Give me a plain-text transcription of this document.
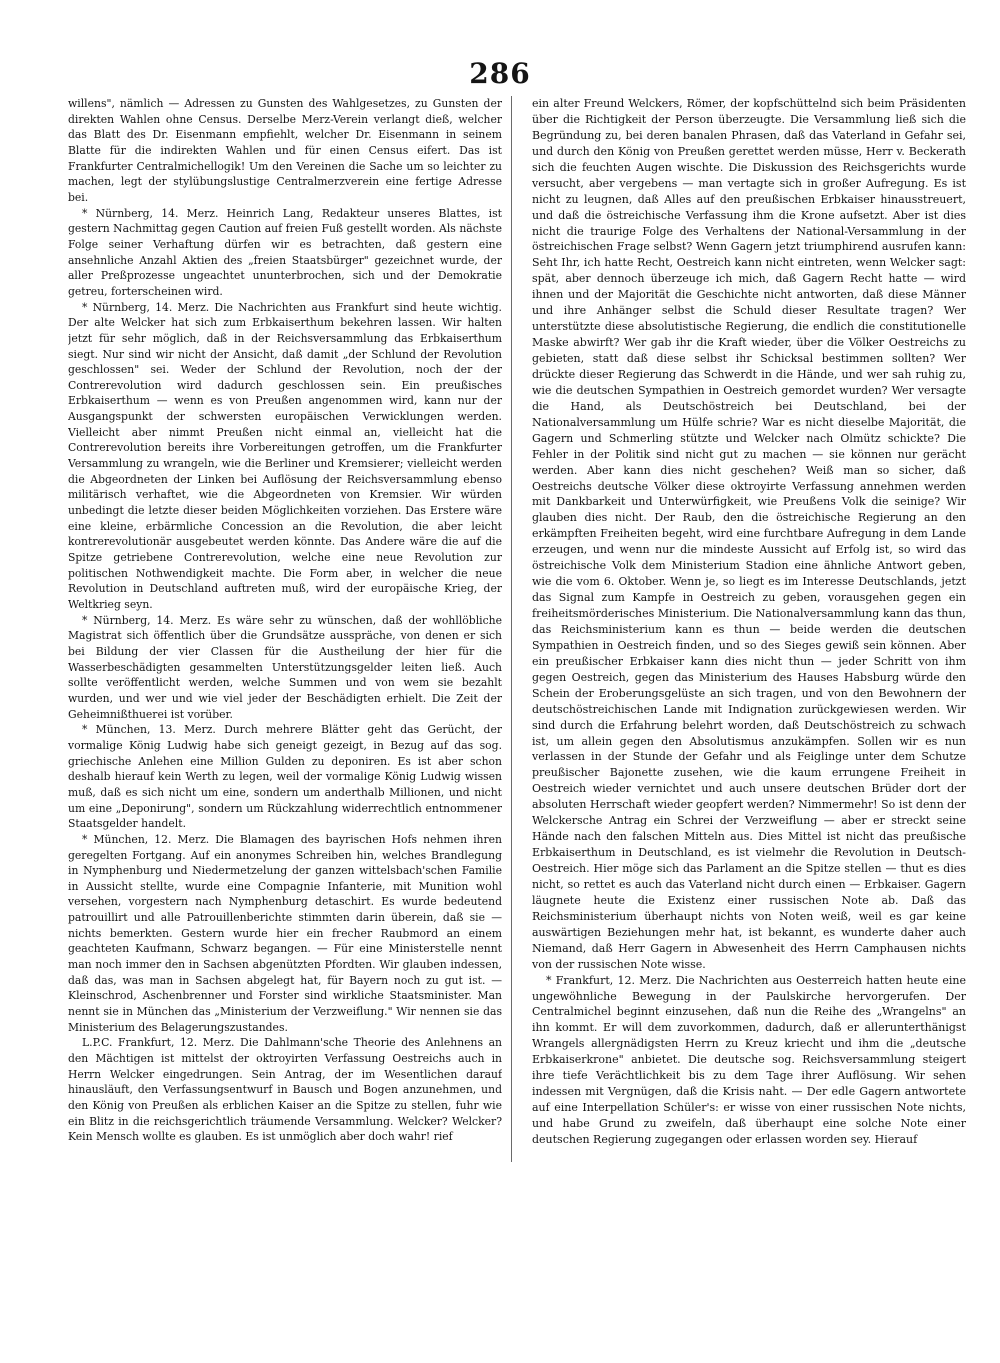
286

willens", nämlich — Adressen zu Gunsten des Wahlgesetzes, zu Gunsten der direkten Wahlen ohne Census. Derselbe Merz-Verein verlangt dieß, welcher das Blatt des Dr. Eisenmann empfiehlt, welcher Dr. Eisenmann in seinem Blatte für die indirekten Wahlen und für einen Census eifert. Das ist Frankfurter Centralmichellogik! Um den Vereinen die Sache um so leichter zu machen, legt der stylübungslustige Centralmerzverein eine fertige Adresse bei.

* Nürnberg, 14. Merz. Heinrich Lang, Redakteur unseres Blattes, ist gestern Nachmittag gegen Caution auf freien Fuß gestellt worden. Als nächste Folge seiner Verhaftung dürfen wir es betrachten, daß gestern eine ansehnliche Anzahl Aktien des „freien Staatsbürger" gezeichnet wurde, der aller Preßprozesse ungeachtet ununterbrochen, sich und der Demokratie getreu, forterscheinen wird.

* Nürnberg, 14. Merz. Die Nachrichten aus Frankfurt sind heute wichtig. Der alte Welcker hat sich zum Erbkaiserthum bekehren lassen. Wir halten jetzt für sehr möglich, daß in der Reichsversammlung das Erbkaiserthum siegt. Nur sind wir nicht der Ansicht, daß damit „der Schlund der Revolution geschlossen" sei. Weder der Schlund der Revolution, noch der der Contrerevolution wird dadurch geschlossen sein. Ein preußisches Erbkaiserthum — wenn es von Preußen angenommen wird, kann nur der Ausgangspunkt der schwersten europäischen Verwicklungen werden. Vielleicht aber nimmt Preußen nicht einmal an, vielleicht hat die Contrerevolution bereits ihre Vorbereitungen getroffen, um die Frankfurter Versammlung zu wrangeln, wie die Berliner und Kremsierer; vielleicht werden die Abgeordneten der Linken bei Auflösung der Reichsversammlung ebenso militärisch verhaftet, wie die Abgeordneten von Kremsier. Wir würden unbedingt die letzte dieser beiden Möglichkeiten vorziehen. Das Erstere wäre eine kleine, erbärmliche Concession an die Revolution, die aber leicht kontrerevolutionär ausgebeutet werden könnte. Das Andere wäre die auf die Spitze getriebene Contrerevolution, welche eine neue Revolution zur politischen Nothwendigkeit machte. Die Form aber, in welcher die neue Revolution in Deutschland auftreten muß, wird der europäische Krieg, der Weltkrieg seyn.

* Nürnberg, 14. Merz. Es wäre sehr zu wünschen, daß der wohllöbliche Magistrat sich öffentlich über die Grundsätze ausspräche, von denen er sich bei Bildung der vier Classen für die Austheilung der hier für die Wasserbeschädigten gesammelten Unterstützungsgelder leiten ließ. Auch sollte veröffentlicht werden, welche Summen und von wem sie bezahlt wurden, und wer und wie viel jeder der Beschädigten erhielt. Die Zeit der Geheimnißthuerei ist vorüber.

* München, 13. Merz. Durch mehrere Blätter geht das Gerücht, der vormalige König Ludwig habe sich geneigt gezeigt, in Bezug auf das sog. griechische Anlehen eine Million Gulden zu deponiren. Es ist aber schon deshalb hierauf kein Werth zu legen, weil der vormalige König Ludwig wissen muß, daß es sich nicht um eine, sondern um anderthalb Millionen, und nicht um eine „Deponirung", sondern um Rückzahlung widerrechtlich entnommener Staatsgelder handelt.

* München, 12. Merz. Die Blamagen des bayrischen Hofs nehmen ihren geregelten Fortgang. Auf ein anonymes Schreiben hin, welches Brandlegung in Nymphenburg und Niedermetzelung der ganzen wittelsbach'schen Familie in Aussicht stellte, wurde eine Compagnie Infanterie, mit Munition wohl versehen, vorgestern nach Nymphenburg detaschirt. Es wurde bedeutend patrouillirt und alle Patrouillenberichte stimmten darin überein, daß sie — nichts bemerkten. Gestern wurde hier ein frecher Raubmord an einem geachteten Kaufmann, Schwarz begangen. — Für eine Ministerstelle nennt man noch immer den in Sachsen abgenützten Pfordten. Wir glauben indessen, daß das, was man in Sachsen abgelegt hat, für Bayern noch zu gut ist. — Kleinschrod, Aschenbrenner und Forster sind wirkliche Staatsminister. Man nennt sie in München das „Ministerium der Verzweiflung." Wir nennen sie das Ministerium des Belagerungszustandes.

L.P.C. Frankfurt, 12. Merz. Die Dahlmann'sche Theorie des Anlehnens an den Mächtigen ist mittelst der oktroyirten Verfassung Oestreichs auch in Herrn Welcker eingedrungen. Sein Antrag, der im Wesentlichen darauf hinausläuft, den Verfassungsentwurf in Bausch und Bogen anzunehmen, und den König von Preußen als erblichen Kaiser an die Spitze zu stellen, fuhr wie ein Blitz in die reichsgerichtlich träumende Versammlung. Welcker? Welcker? Kein Mensch wollte es glauben. Es ist unmöglich aber doch wahr! rief

ein alter Freund Welckers, Römer, der kopfschüttelnd sich beim Präsidenten über die Richtigkeit der Person überzeugte. Die Versammlung ließ sich die Begründung zu, bei deren banalen Phrasen, daß das Vaterland in Gefahr sei, und durch den König von Preußen gerettet werden müsse, Herr v. Beckerath sich die feuchten Augen wischte. Die Diskussion des Reichsgerichts wurde versucht, aber vergebens — man vertagte sich in großer Aufregung. Es ist nicht zu leugnen, daß Alles auf den preußischen Erbkaiser hinausstreuert, und daß die östreichische Verfassung ihm die Krone aufsetzt. Aber ist dies nicht die traurige Folge des Verhaltens der National-Versammlung in der östreichischen Frage selbst? Wenn Gagern jetzt triumphirend ausrufen kann: Seht Ihr, ich hatte Recht, Oestreich kann nicht eintreten, wenn Welcker sagt: spät, aber dennoch überzeuge ich mich, daß Gagern Recht hatte — wird ihnen und der Majorität die Geschichte nicht antworten, daß diese Männer und ihre Anhänger selbst die Schuld dieser Resultate tragen? Wer unterstützte diese absolutistische Regierung, die endlich die constitutionelle Maske abwirft? Wer gab ihr die Kraft wieder, über die Völker Oestreichs zu gebieten, statt daß diese selbst ihr Schicksal bestimmen sollten? Wer drückte dieser Regierung das Schwerdt in die Hände, und wer sah ruhig zu, wie die deutschen Sympathien in Oestreich gemordet wurden? Wer versagte die Hand, als Deutschöstreich bei Deutschland, bei der Nationalversammlung um Hülfe schrie? War es nicht dieselbe Majorität, die Gagern und Schmerling stützte und Welcker nach Olmütz schickte? Die Fehler in der Politik sind nicht gut zu machen — sie können nur gerächt werden. Aber kann dies nicht geschehen? Weiß man so sicher, daß Oestreichs deutsche Völker diese oktroyirte Verfassung annehmen werden mit Dankbarkeit und Unterwürfigkeit, wie Preußens Volk die seinige? Wir glauben dies nicht. Der Raub, den die östreichische Regierung an den erkämpften Freiheiten begeht, wird eine furchtbare Aufregung in dem Lande erzeugen, und wenn nur die mindeste Aussicht auf Erfolg ist, so wird das östreichische Volk dem Ministerium Stadion eine ähnliche Antwort geben, wie die vom 6. Oktober. Wenn je, so liegt es im Interesse Deutschlands, jetzt das Signal zum Kampfe in Oestreich zu geben, vorausgehen gegen ein freiheitsmörderisches Ministerium. Die Nationalversammlung kann das thun, das Reichsministerium kann es thun — beide werden die deutschen Sympathien in Oestreich finden, und so des Sieges gewiß sein können. Aber ein preußischer Erbkaiser kann dies nicht thun — jeder Schritt von ihm gegen Oestreich, gegen das Ministerium des Hauses Habsburg würde den Schein der Eroberungsgelüste an sich tragen, und von den Bewohnern der deutschöstreichischen Lande mit Indignation zurückgewiesen werden. Wir sind durch die Erfahrung belehrt worden, daß Deutschöstreich zu schwach ist, um allein gegen den Absolutismus anzukämpfen. Sollen wir es nun verlassen in der Stunde der Gefahr und als Feiglinge unter dem Schutze preußischer Bajonette zusehen, wie die kaum errungene Freiheit in Oestreich wieder vernichtet und auch unsere deutschen Brüder dort der absoluten Herrschaft wieder geopfert werden? Nimmermehr! So ist denn der Welckersche Antrag ein Schrei der Verzweiflung — aber er streckt seine Hände nach den falschen Mitteln aus. Dies Mittel ist nicht das preußische Erbkaiserthum in Deutschland, es ist vielmehr die Revolution in Deutsch-Oestreich. Hier möge sich das Parlament an die Spitze stellen — thut es dies nicht, so rettet es auch das Vaterland nicht durch einen — Erbkaiser. Gagern läugnete heute die Existenz einer russischen Note ab. Daß das Reichsministerium überhaupt nichts von Noten weiß, weil es gar keine auswärtigen Beziehungen mehr hat, ist bekannt, es wunderte daher auch Niemand, daß Herr Gagern in Abwesenheit des Herrn Camphausen nichts von der russischen Note wisse.

* Frankfurt, 12. Merz. Die Nachrichten aus Oesterreich hatten heute eine ungewöhnliche Bewegung in der Paulskirche hervorgerufen. Der Centralmichel beginnt einzusehen, daß nun die Reihe des „Wrangelns" an ihn kommt. Er will dem zuvorkommen, dadurch, daß er allerunterthänigst Wrangels allergnädigsten Herrn zu Kreuz kriecht und ihm die „deutsche Erbkaiserkrone" anbietet. Die deutsche sog. Reichsversammlung steigert ihre tiefe Verächtlichkeit bis zu dem Tage ihrer Auflösung. Wir sehen indessen mit Vergnügen, daß die Krisis naht. — Der edle Gagern antwortete auf eine Interpellation Schüler's: er wisse von einer russischen Note nichts, und habe Grund zu zweifeln, daß überhaupt eine solche Note einer deutschen Regierung zugegangen oder erlassen worden sey. Hierauf
